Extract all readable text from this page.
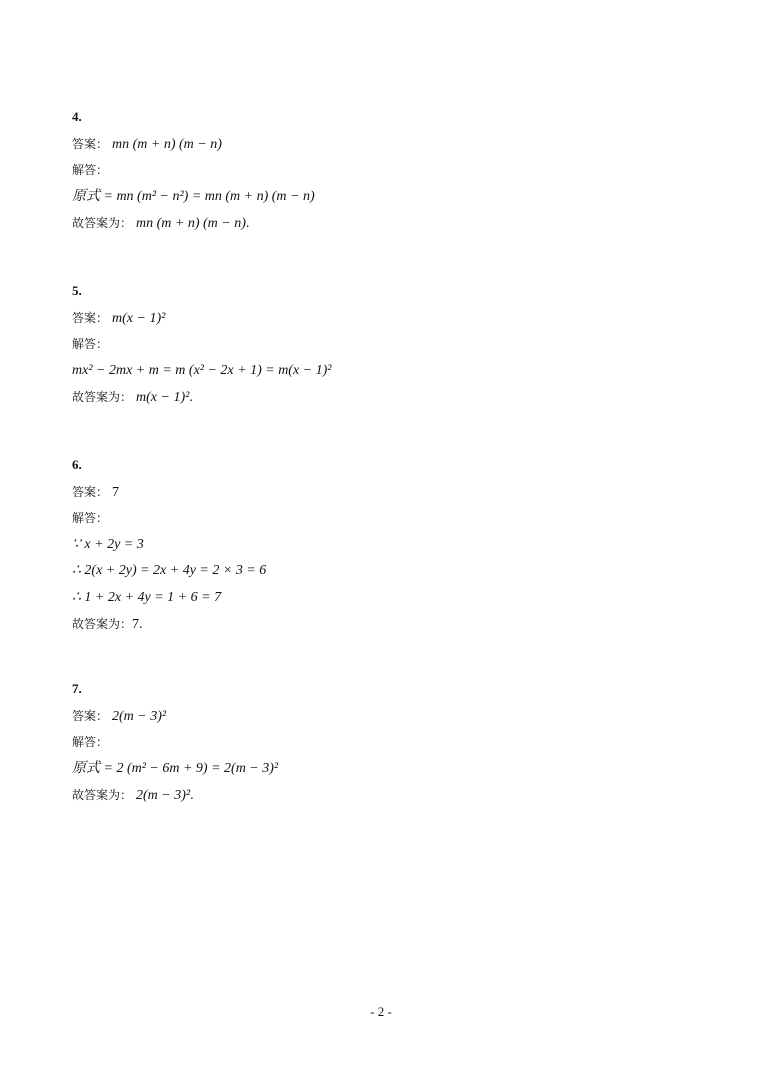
4.
答案： mn (m + n) (m − n)
解答：
原式 = mn (m² − n²) = mn (m + n) (m − n)
故答案为： mn (m + n) (m − n).
5.
答案： m(x − 1)²
解答：
mx² − 2mx + m = m (x² − 2x + 1) = m(x − 1)²
故答案为： m(x − 1)².
6.
答案： 7
解答：
∵ x + 2y = 3
∴ 2(x + 2y) = 2x + 4y = 2 × 3 = 6
∴ 1 + 2x + 4y = 1 + 6 = 7
故答案为：7.
7.
答案： 2(m − 3)²
解答：
原式 = 2 (m² − 6m + 9) = 2(m − 3)²
故答案为： 2(m − 3)².
- 2 -
